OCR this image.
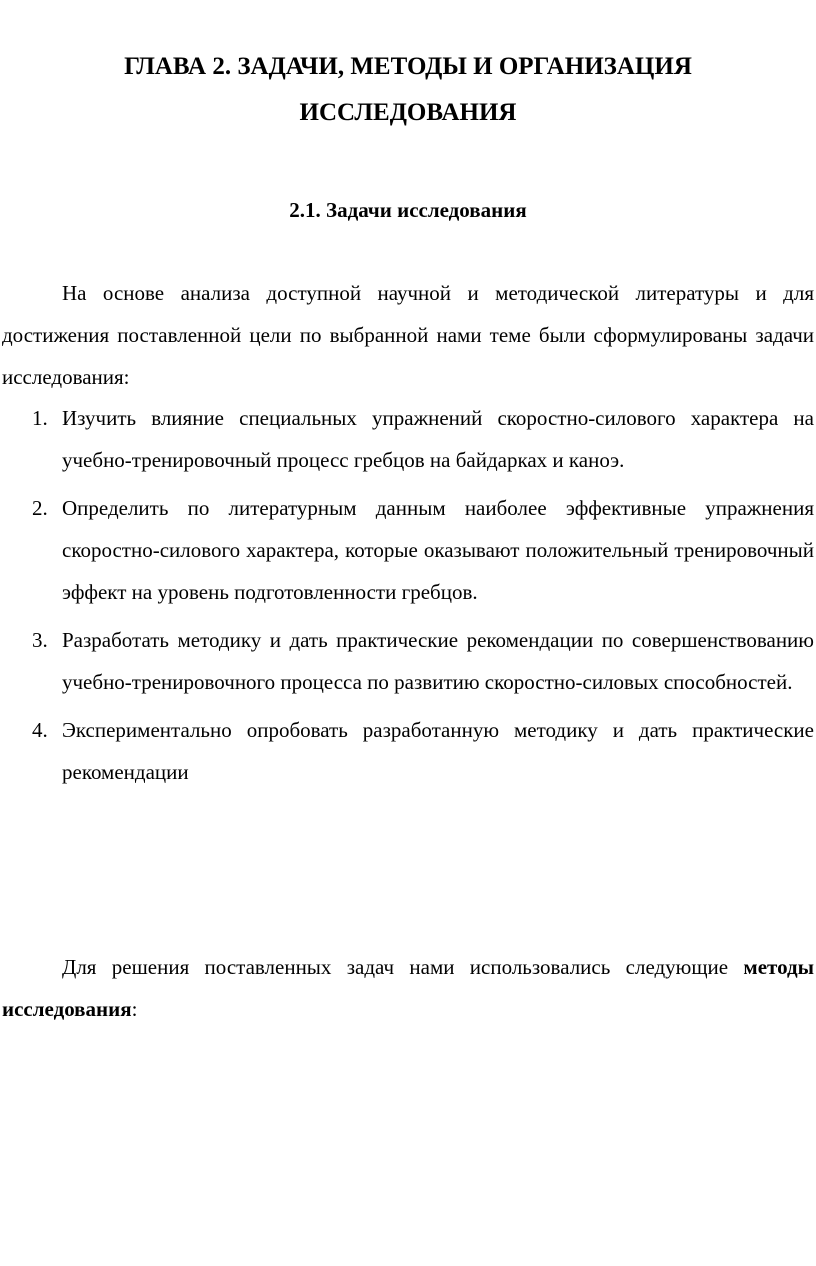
ГЛАВА 2. ЗАДАЧИ, МЕТОДЫ И ОРГАНИЗАЦИЯ
ИССЛЕДОВАНИЯ
2.1. Задачи исследования

На основе анализа доступной научной и методической литературы и для достижения поставленной цели по выбранной нами теме были сформулированы задачи исследования:

1. Изучить влияние специальных упражнений скоростно-силового характера на учебно-тренировочный процесс гребцов на байдарках и каноэ.
2. Определить по литературным данным наиболее эффективные упражнения скоростно-силового характера, которые оказывают положительный тренировочный эффект на уровень подготовленности гребцов.
3. Разработать методику и дать практические рекомендации по совершенствованию учебно-тренировочного процесса по развитию скоростно-силовых способностей.
4. Экспериментально опробовать разработанную методику и дать практические рекомендации

Для решения поставленных задач нами использовались следующие методы исследования:
